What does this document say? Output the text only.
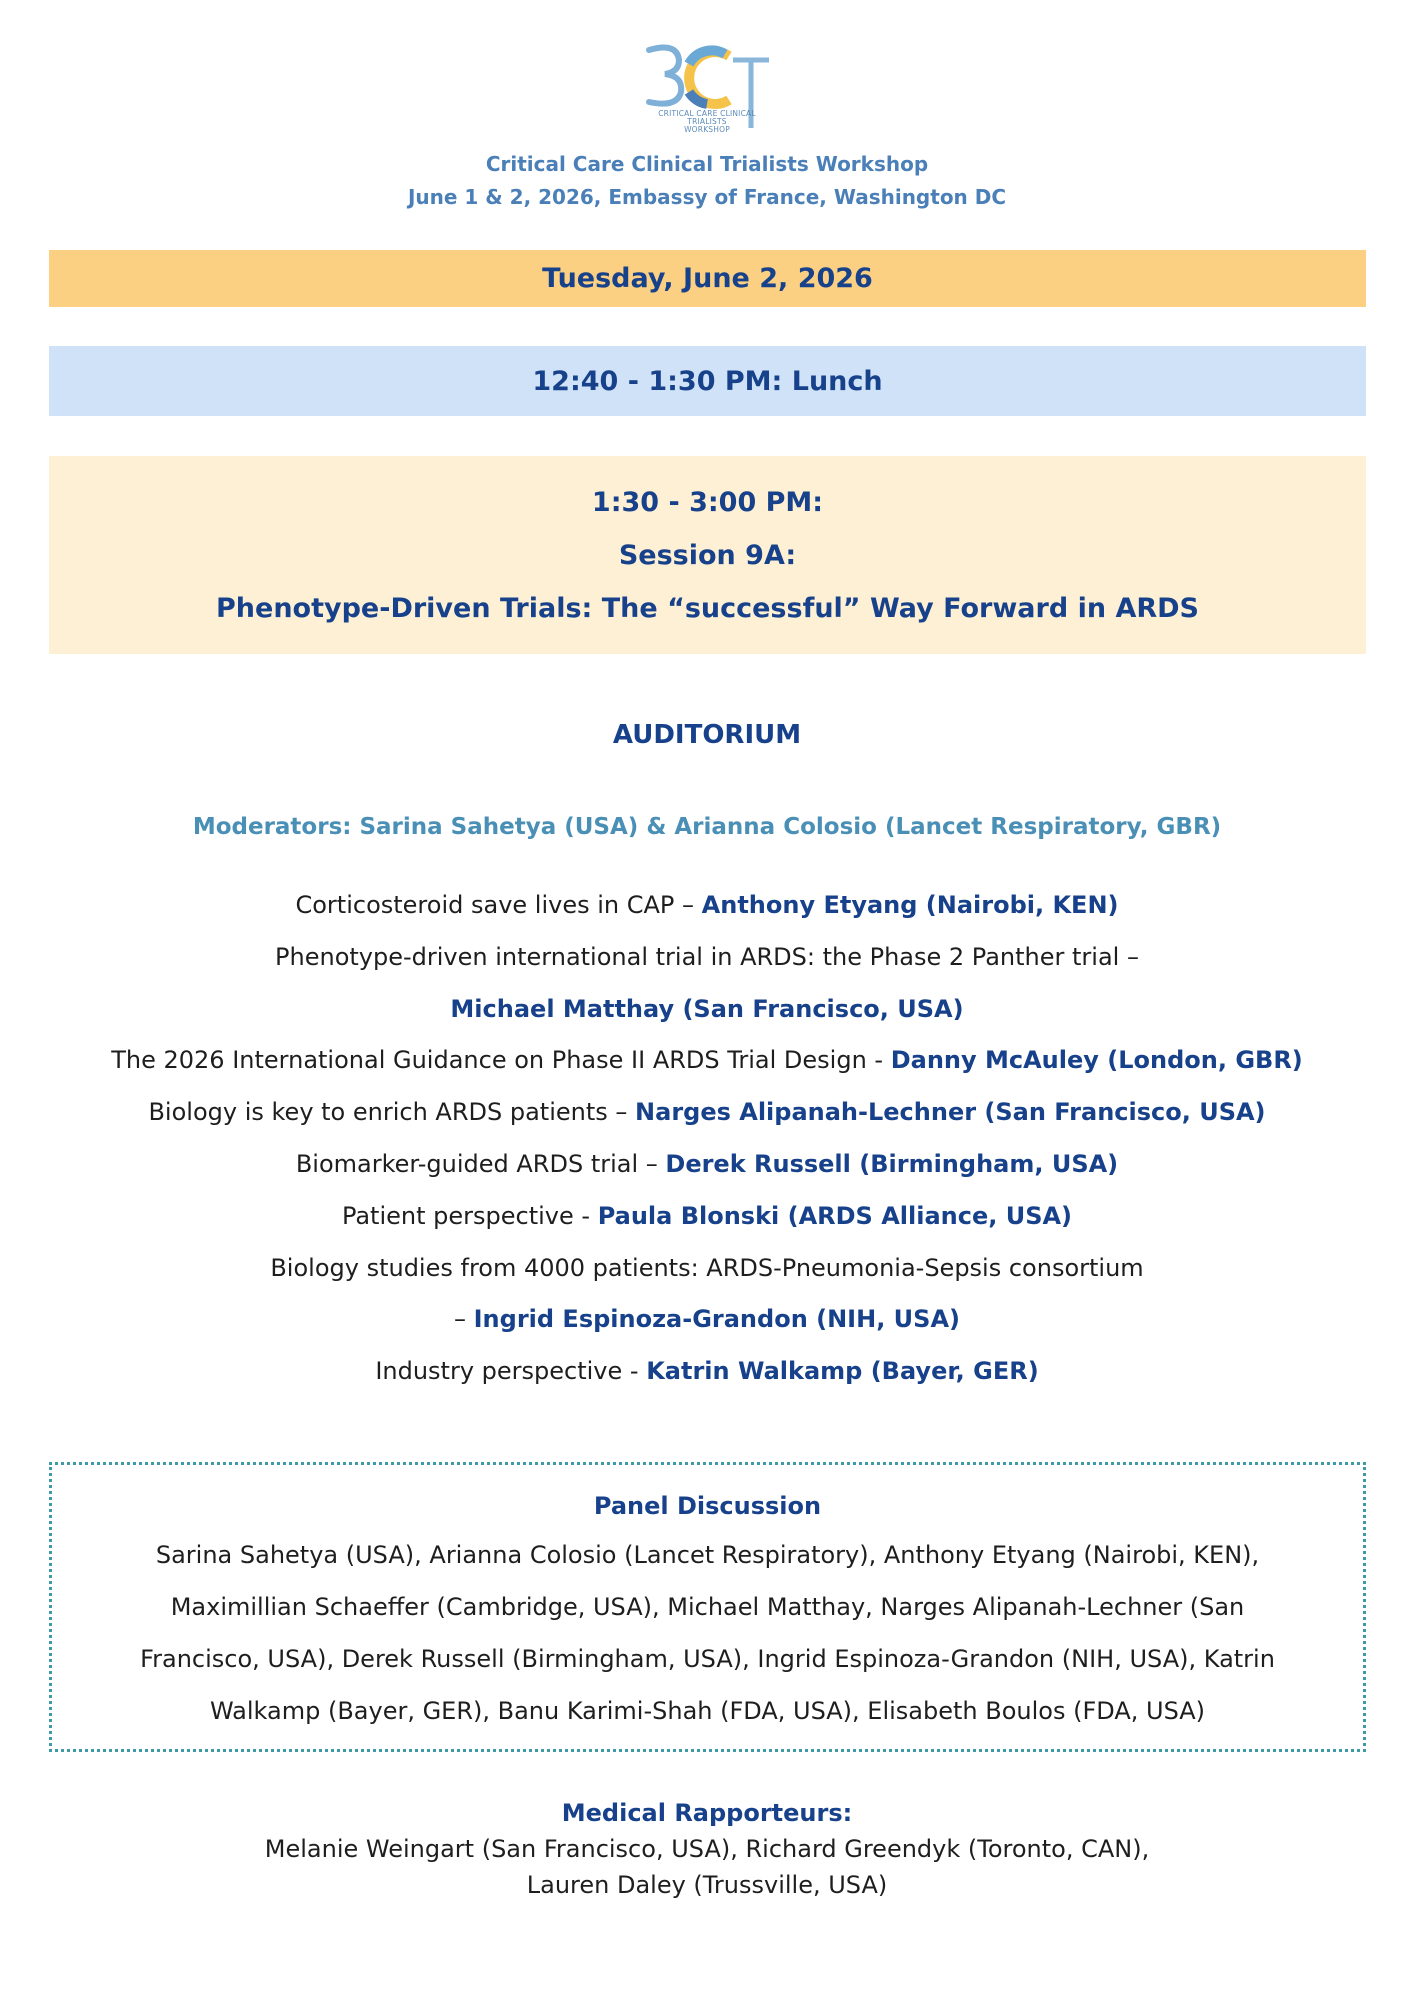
CRITICAL CARE CLINICAL
TRIALISTS
WORKSHOP
Critical Care Clinical Trialists Workshop
June 1 & 2, 2026, Embassy of France, Washington DC
Tuesday, June 2, 2026
12:40 - 1:30 PM: Lunch
1:30 - 3:00 PM:
Session 9A:
Phenotype-Driven Trials: The “successful” Way Forward in ARDS
AUDITORIUM
Moderators: Sarina Sahetya (USA) & Arianna Colosio (Lancet Respiratory, GBR)
Corticosteroid save lives in CAP – Anthony Etyang (Nairobi, KEN)
Phenotype-driven international trial in ARDS: the Phase 2 Panther trial –
Michael Matthay (San Francisco, USA)
The 2026 International Guidance on Phase II ARDS Trial Design - Danny McAuley (London, GBR)
Biology is key to enrich ARDS patients – Narges Alipanah-Lechner (San Francisco, USA)
Biomarker-guided ARDS trial – Derek Russell (Birmingham, USA)
Patient perspective - Paula Blonski (ARDS Alliance, USA)
Biology studies from 4000 patients: ARDS-Pneumonia-Sepsis consortium
– Ingrid Espinoza-Grandon (NIH, USA)
Industry perspective - Katrin Walkamp (Bayer, GER)
Panel Discussion
Sarina Sahetya (USA), Arianna Colosio (Lancet Respiratory), Anthony Etyang (Nairobi, KEN),
Maximillian Schaeffer (Cambridge, USA), Michael Matthay, Narges Alipanah-Lechner (San
Francisco, USA), Derek Russell (Birmingham, USA), Ingrid Espinoza-Grandon (NIH, USA), Katrin
Walkamp (Bayer, GER), Banu Karimi-Shah (FDA, USA), Elisabeth Boulos (FDA, USA)
Medical Rapporteurs:
Melanie Weingart (San Francisco, USA), Richard Greendyk (Toronto, CAN),
Lauren Daley (Trussville, USA)
